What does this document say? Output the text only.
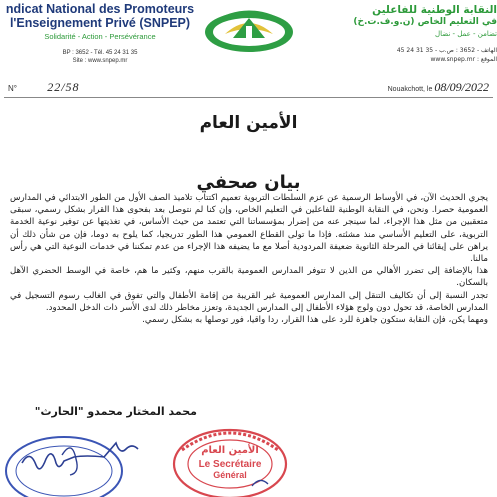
ndicat National des Promoteurs
l'Enseignement Privé (SNPEP)
Solidarité - Action - Persévérance
BP : 3652 - Tél. 45 24 31 35
Site : www.snpep.mr
النقابة الوطنية للفاعلين
في التعليم الخاص (ن.و.ف.ت.خ)
تضامن - عمل - نضال
45 24 31 35 - الهاتف - 3652 : ص.ب
www.snpep.mr : الموقع
N°	22/58	Nouakchott, le 08/09/2022
الأمين العام
بيان صحفي

يجري الحديث الآن، في الأوساط الرسمية عن عزم السلطات التربوية تعميم اكتتاب تلاميذ الصف الأول من الطور الابتدائي في المدارس العمومية حصرا. ونحن، في النقابة الوطنية للفاعلين في التعليم الخاص، وإن كنا لم نتوصل بعد بفحوى هذا القرار بشكل رسمي، سبقى متعقبين من مثل هذا الإجراء، لما سينجر عنه من إضرار بمؤسساتنا التي تعتمد من حيث الأساس، في تغذيتها عن توفير نوعية الخدمة التربوية، على التعليم الأساسي منذ مشئته. فإذا ما تولى القطاع العمومي هذا الطور تدريجيا، كما يلوح به دوما، فإن من شأن ذلك أن يراهن على إيقائنا في المرحلة الثانوية ضعيفة المردودية أصلا مع ما يضيفه هذا الإجراء من عدم تمكننا في خدمات النوعية التي هي رأس مالنا.

هذا بالإضافة إلى تضرر الأهالي من الذين لا تتوفر المدارس العمومية بالقرب منهم، وكثير ما هم، خاصة في الوسط الحضري الآهل بالسكان.

تجدر النسبة إلى أن تكاليف التنقل إلى المدارس العمومية غير القريبة من إقامة الأطفال والتي تفوق في الغالب رسوم التسجيل في المدارس الخاصة، قد تحول دون ولوج هؤلاء الأطفال إلى المدارس الجديدة، وتعزز مخاطر ذلك لدى الأسر ذات الدخل المحدود.

ومهما يكن، فإن النقابة ستكون جاهزة للرد على هذا القرار، ردا واقيا، فور توصلها به بشكل رسمي.

محمد المختار محمدو "الحارث"
الأمين العام
Le Secrétaire
Général
